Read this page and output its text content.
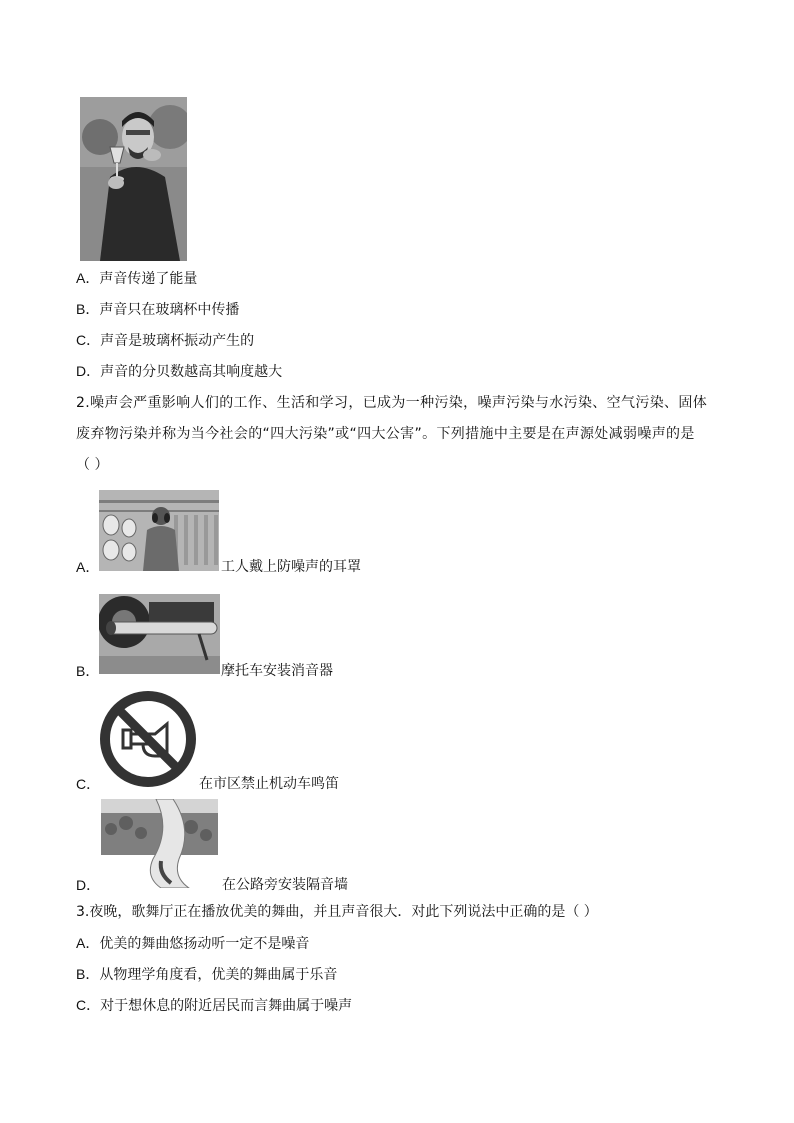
A．声音传递了能量
B．声音只在玻璃杯中传播
C．声音是玻璃杯振动产生的
D．声音的分贝数越高其响度越大
2.噪声会严重影响人们的工作、生活和学习，已成为一种污染，噪声污染与水污染、空气污染、固体
废弃物污染并称为当今社会的“四大污染”或“四大公害”。下列措施中主要是在声源处减弱噪声的是
（ ）
A．	工人戴上防噪声的耳罩
B．	摩托车安装消音器
C．	在市区禁止机动车鸣笛
D．	在公路旁安装隔音墙
3.夜晚，歌舞厅正在播放优美的舞曲，并且声音很大．对此下列说法中正确的是（ ）
A．优美的舞曲悠扬动听一定不是噪音
B．从物理学角度看，优美的舞曲属于乐音
C．对于想休息的附近居民而言舞曲属于噪声
